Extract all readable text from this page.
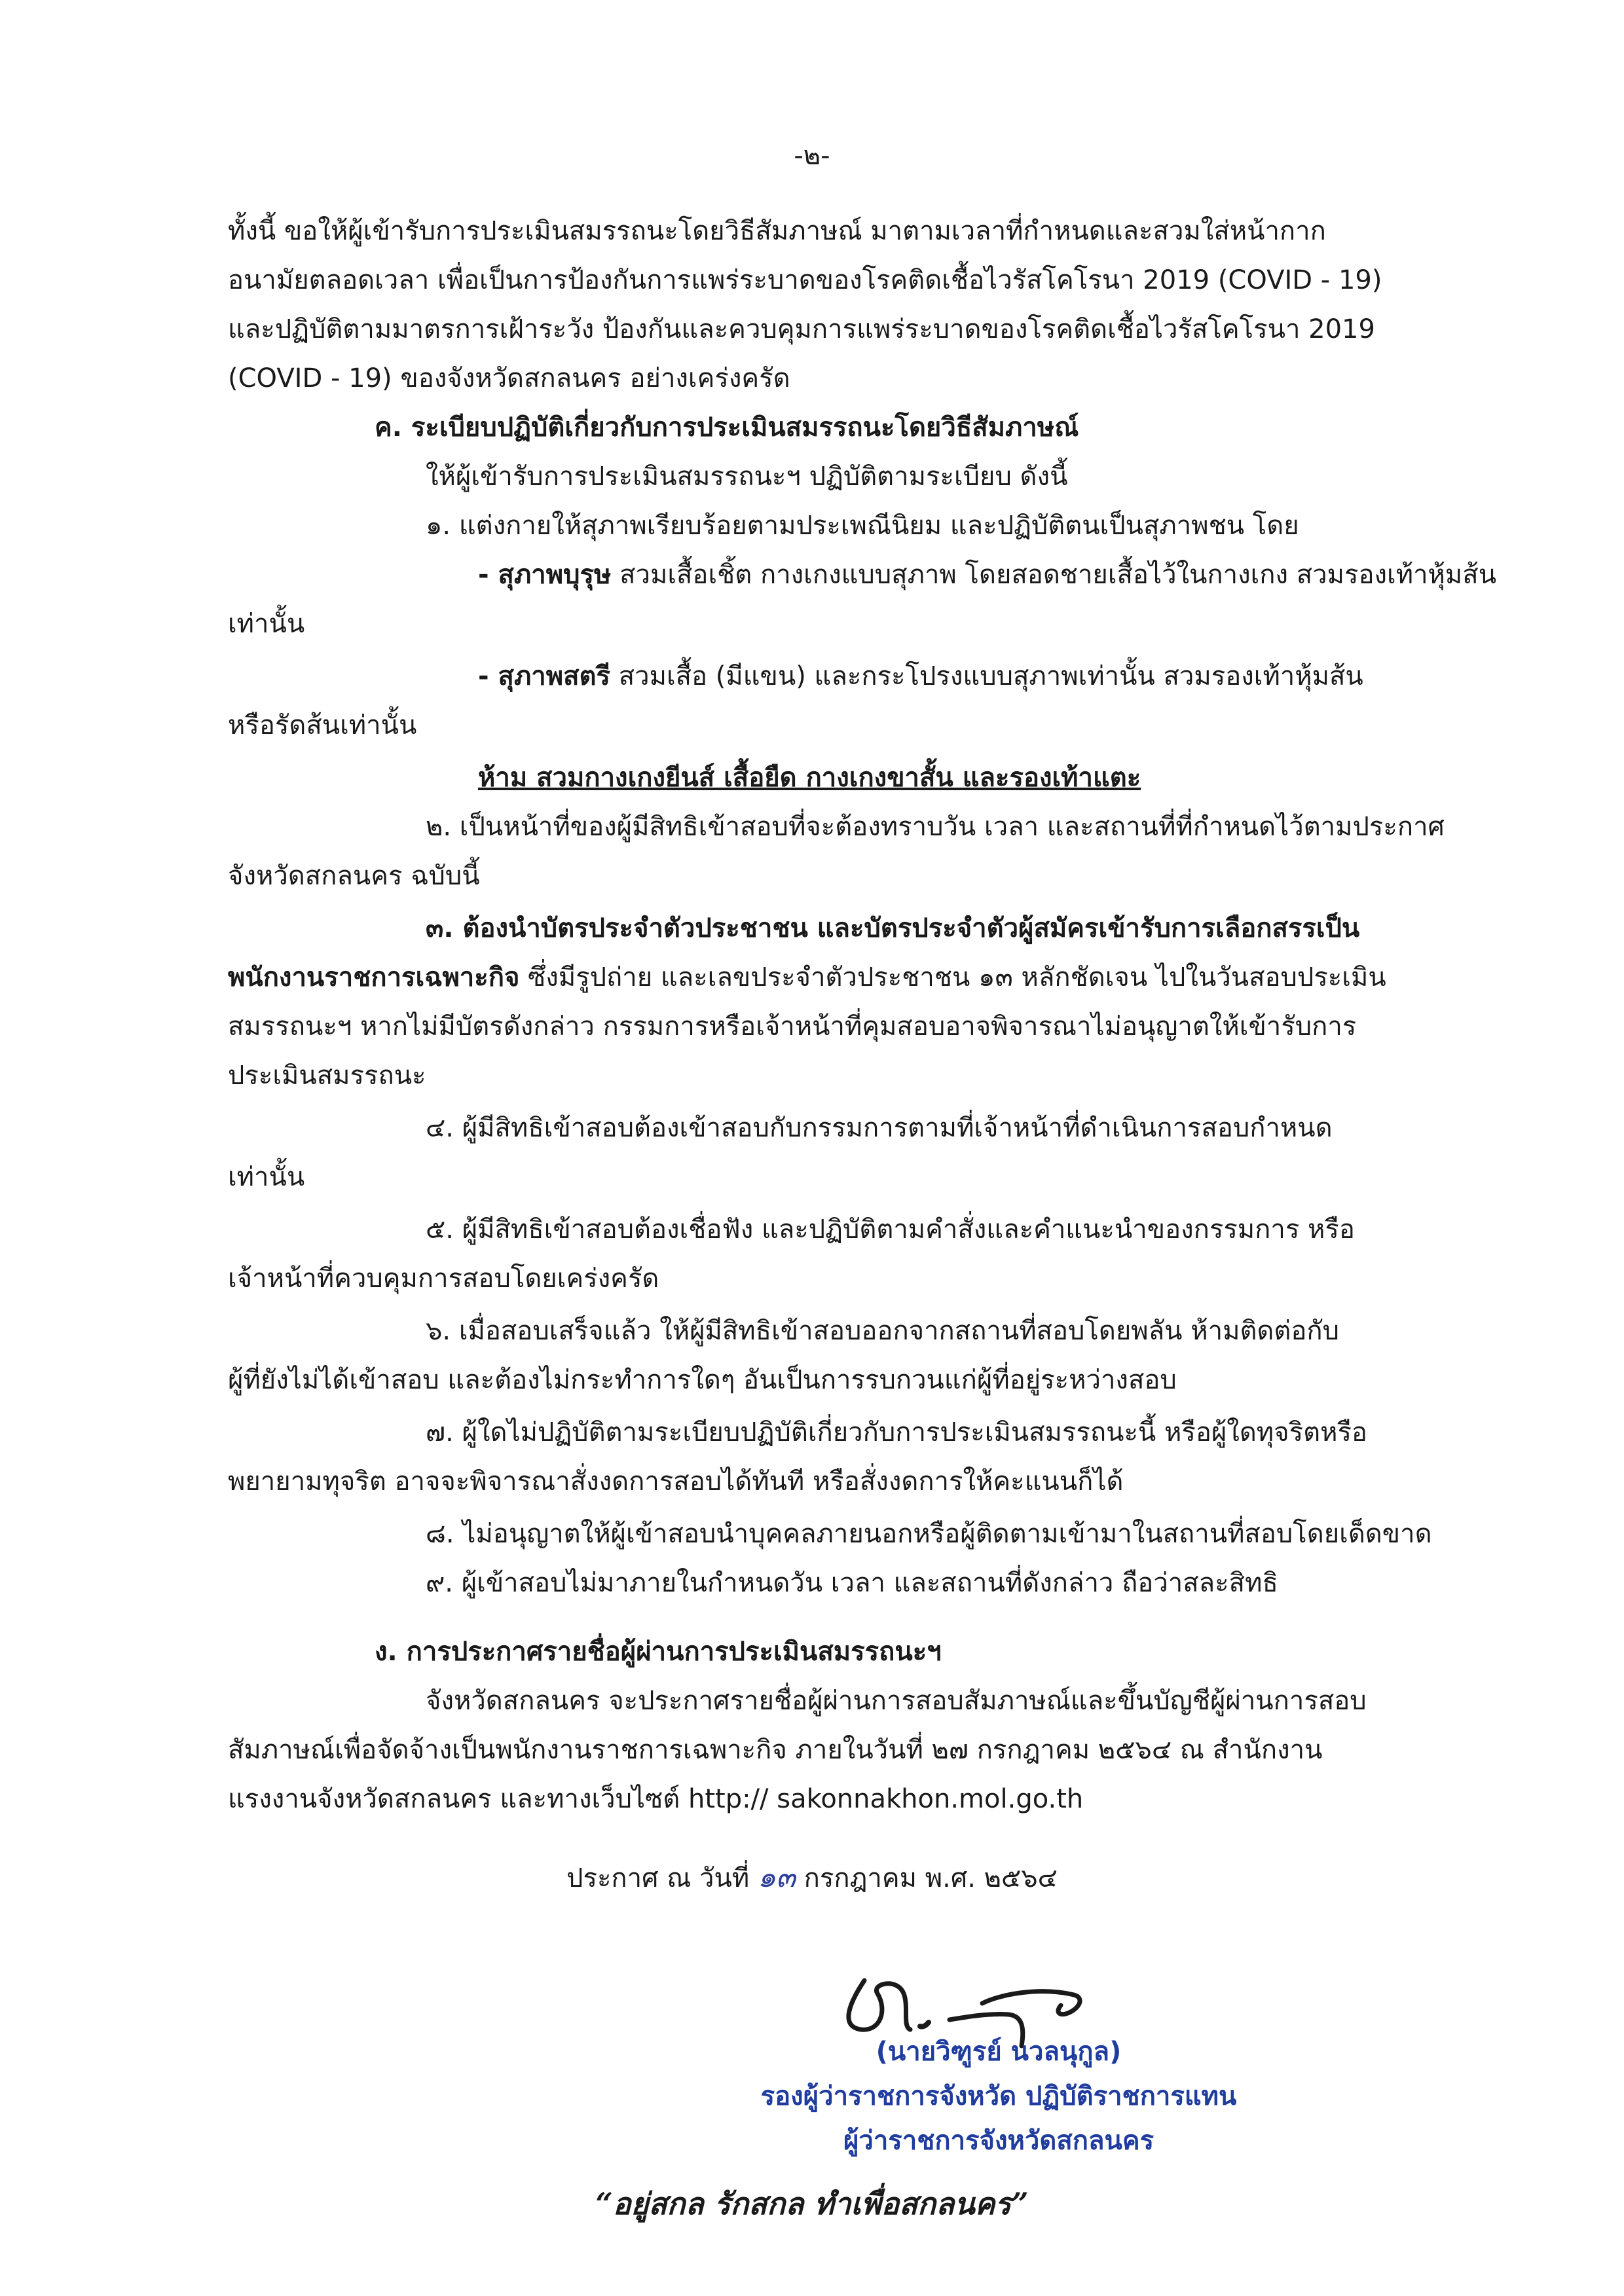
-๒-
ทั้งนี้ ขอให้ผู้เข้ารับการประเมินสมรรถนะโดยวิธีสัมภาษณ์ มาตามเวลาที่กำหนดและสวมใส่หน้ากาก
อนามัยตลอดเวลา เพื่อเป็นการป้องกันการแพร่ระบาดของโรคติดเชื้อไวรัสโคโรนา 2019 (COVID - 19)
และปฏิบัติตามมาตรการเฝ้าระวัง ป้องกันและควบคุมการแพร่ระบาดของโรคติดเชื้อไวรัสโคโรนา 2019
(COVID - 19) ของจังหวัดสกลนคร อย่างเคร่งครัด
ค. ระเบียบปฏิบัติเกี่ยวกับการประเมินสมรรถนะโดยวิธีสัมภาษณ์
ให้ผู้เข้ารับการประเมินสมรรถนะฯ ปฏิบัติตามระเบียบ ดังนี้
๑. แต่งกายให้สุภาพเรียบร้อยตามประเพณีนิยม และปฏิบัติตนเป็นสุภาพชน โดย
- สุภาพบุรุษ สวมเสื้อเชิ้ต กางเกงแบบสุภาพ โดยสอดชายเสื้อไว้ในกางเกง สวมรองเท้าหุ้มส้น
เท่านั้น
- สุภาพสตรี สวมเสื้อ (มีแขน) และกระโปรงแบบสุภาพเท่านั้น สวมรองเท้าหุ้มส้น
หรือรัดส้นเท่านั้น
ห้าม สวมกางเกงยีนส์ เสื้อยืด กางเกงขาสั้น และรองเท้าแตะ
๒. เป็นหน้าที่ของผู้มีสิทธิเข้าสอบที่จะต้องทราบวัน เวลา และสถานที่ที่กำหนดไว้ตามประกาศ
จังหวัดสกลนคร ฉบับนี้
๓. ต้องนำบัตรประจำตัวประชาชน และบัตรประจำตัวผู้สมัครเข้ารับการเลือกสรรเป็น
พนักงานราชการเฉพาะกิจ ซึ่งมีรูปถ่าย และเลขประจำตัวประชาชน ๑๓ หลักชัดเจน ไปในวันสอบประเมิน
สมรรถนะฯ หากไม่มีบัตรดังกล่าว กรรมการหรือเจ้าหน้าที่คุมสอบอาจพิจารณาไม่อนุญาตให้เข้ารับการ
ประเมินสมรรถนะ
๔. ผู้มีสิทธิเข้าสอบต้องเข้าสอบกับกรรมการตามที่เจ้าหน้าที่ดำเนินการสอบกำหนด
เท่านั้น
๕. ผู้มีสิทธิเข้าสอบต้องเชื่อฟัง และปฏิบัติตามคำสั่งและคำแนะนำของกรรมการ หรือ
เจ้าหน้าที่ควบคุมการสอบโดยเคร่งครัด
๖. เมื่อสอบเสร็จแล้ว ให้ผู้มีสิทธิเข้าสอบออกจากสถานที่สอบโดยพลัน ห้ามติดต่อกับ
ผู้ที่ยังไม่ได้เข้าสอบ และต้องไม่กระทำการใดๆ อันเป็นการรบกวนแก่ผู้ที่อยู่ระหว่างสอบ
๗. ผู้ใดไม่ปฏิบัติตามระเบียบปฏิบัติเกี่ยวกับการประเมินสมรรถนะนี้ หรือผู้ใดทุจริตหรือ
พยายามทุจริต อาจจะพิจารณาสั่งงดการสอบได้ทันที หรือสั่งงดการให้คะแนนก็ได้
๘. ไม่อนุญาตให้ผู้เข้าสอบนำบุคคลภายนอกหรือผู้ติดตามเข้ามาในสถานที่สอบโดยเด็ดขาด
๙. ผู้เข้าสอบไม่มาภายในกำหนดวัน เวลา และสถานที่ดังกล่าว ถือว่าสละสิทธิ
ง. การประกาศรายชื่อผู้ผ่านการประเมินสมรรถนะฯ
จังหวัดสกลนคร จะประกาศรายชื่อผู้ผ่านการสอบสัมภาษณ์และขึ้นบัญชีผู้ผ่านการสอบ
สัมภาษณ์เพื่อจัดจ้างเป็นพนักงานราชการเฉพาะกิจ ภายในวันที่ ๒๗ กรกฎาคม ๒๕๖๔ ณ สำนักงาน
แรงงานจังหวัดสกลนคร และทางเว็บไซต์ http:// sakonnakhon.mol.go.th
ประกาศ ณ วันที่ ๑๓ กรกฎาคม พ.ศ. ๒๕๖๔
(นายวิฑูรย์ นวลนุกูล)
รองผู้ว่าราชการจังหวัด ปฏิบัติราชการแทน
ผู้ว่าราชการจังหวัดสกลนคร
“อยู่สกล รักสกล ทำเพื่อสกลนคร”
